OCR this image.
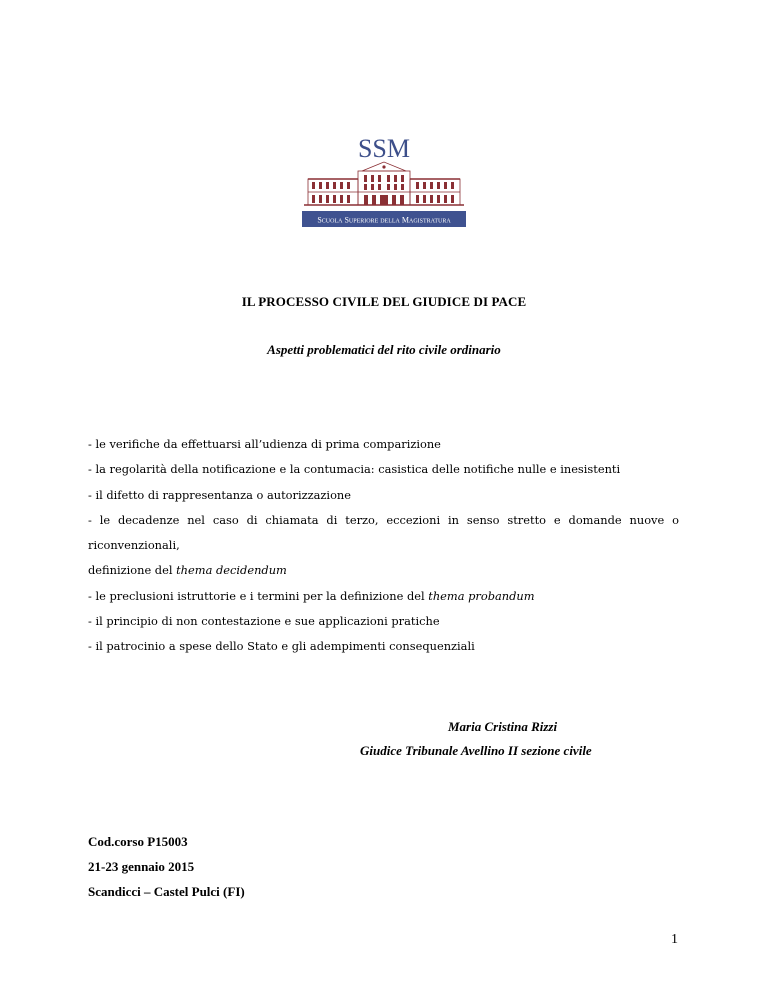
SSM
Scuola Superiore della Magistratura
IL PROCESSO CIVILE DEL GIUDICE DI PACE
Aspetti problematici del rito civile ordinario
- le verifiche da effettuarsi all’udienza di prima comparizione
- la regolarità della notificazione e la contumacia: casistica delle notifiche nulle e inesistenti
- il difetto di rappresentanza o autorizzazione
- le decadenze nel caso di chiamata di terzo, eccezioni in senso stretto e domande nuove o riconvenzionali,
definizione del thema decidendum
- le preclusioni istruttorie e i termini per la definizione del thema probandum
- il principio di non contestazione e sue applicazioni pratiche
- il patrocinio a spese dello Stato e gli adempimenti consequenziali
Maria Cristina Rizzi
Giudice Tribunale Avellino II sezione civile
Cod.corso P15003
21-23 gennaio 2015
Scandicci – Castel Pulci (FI)
1
